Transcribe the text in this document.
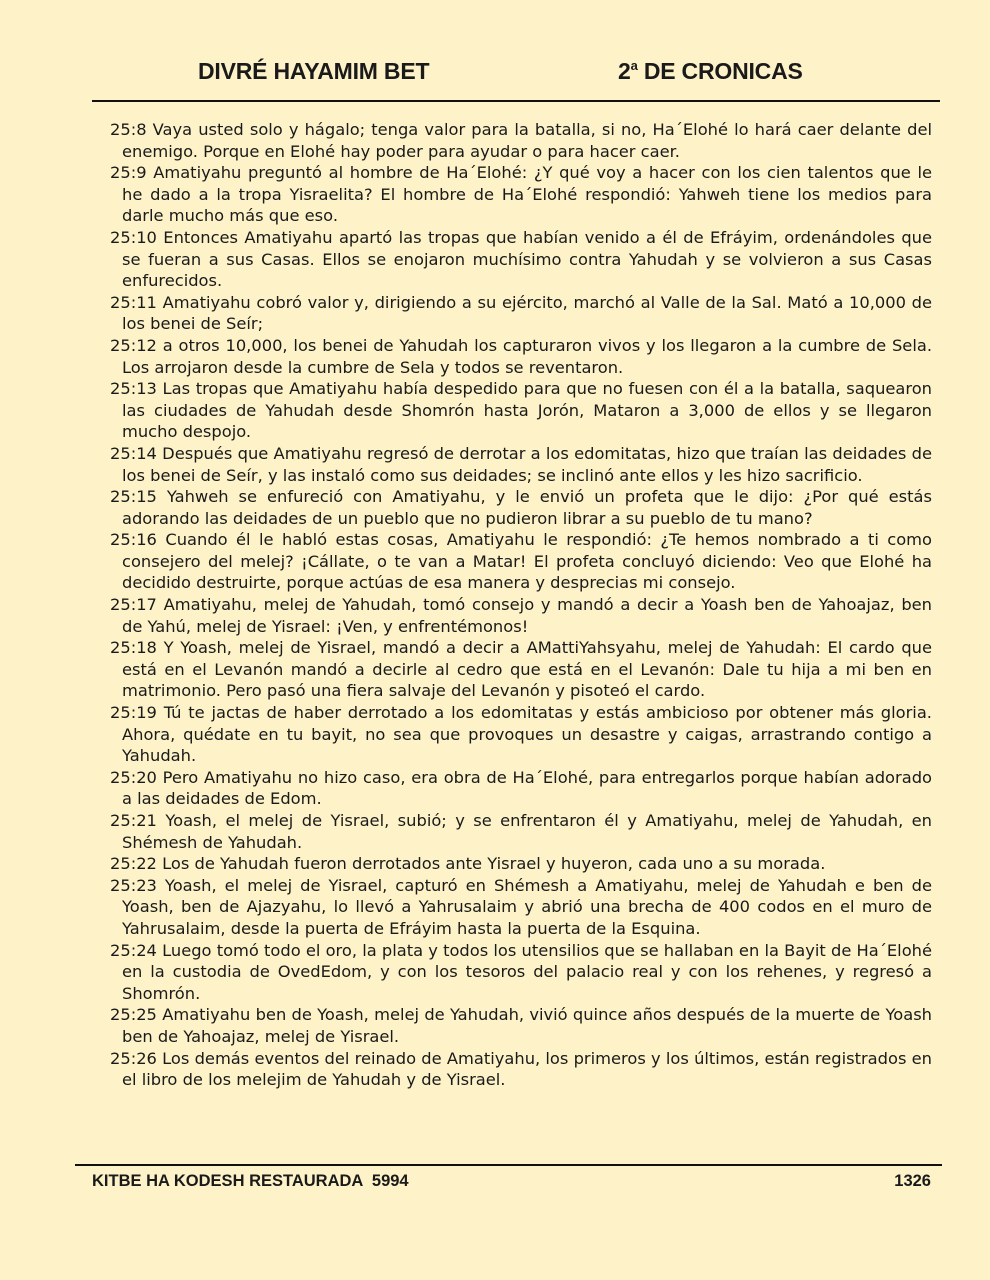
DIVRÉ HAYAMIM BET	2$^a$ DE CRONICAS

25:8 Vaya usted solo y hágalo; tenga valor para la batalla, si no, Ha´Elohé lo hará caer delante del enemigo. Porque en Elohé hay poder para ayudar o para hacer caer.

25:9 Amatiyahu preguntó al hombre de Ha´Elohé: ¿Y qué voy a hacer con los cien talentos que le he dado a la tropa Yisraelita? El hombre de Ha´Elohé respondió: Yahweh tiene los medios para darle mucho más que eso.

25:10 Entonces Amatiyahu apartó las tropas que habían venido a él de Efráyim, ordenándoles que se fueran a sus Casas. Ellos se enojaron muchísimo contra Yahudah y se volvieron a sus Casas enfurecidos.

25:11 Amatiyahu cobró valor y, dirigiendo a su ejército, marchó al Valle de la Sal. Mató a 10,000 de los benei de Seír;

25:12 a otros 10,000, los benei de Yahudah los capturaron vivos y los llegaron a la cumbre de Sela. Los arrojaron desde la cumbre de Sela y todos se reventaron.

25:13 Las tropas que Amatiyahu había despedido para que no fuesen con él a la batalla, saquearon las ciudades de Yahudah desde Shomrón hasta Jorón, Mataron a 3,000 de ellos y se llegaron mucho despojo.

25:14 Después que Amatiyahu regresó de derrotar a los edomitatas, hizo que traían las deidades de los benei de Seír, y las instaló como sus deidades; se inclinó ante ellos y les hizo sacrificio.

25:15 Yahweh se enfureció con Amatiyahu, y le envió un profeta que le dijo: ¿Por qué estás adorando las deidades de un pueblo que no pudieron librar a su pueblo de tu mano?

25:16 Cuando él le habló estas cosas, Amatiyahu le respondió: ¿Te hemos nombrado a ti como consejero del melej? ¡Cállate, o te van a Matar! El profeta concluyó diciendo: Veo que Elohé ha decidido destruirte, porque actúas de esa manera y desprecias mi consejo.

25:17 Amatiyahu, melej de Yahudah, tomó consejo y mandó a decir a Yoash ben de Yahoajaz, ben de Yahú, melej de Yisrael: ¡Ven, y enfrentémonos!

25:18 Y Yoash, melej de Yisrael, mandó a decir a AMattiYahsyahu, melej de Yahudah: El cardo que está en el Levanón mandó a decirle al cedro que está en el Levanón: Dale tu hija a mi ben en matrimonio. Pero pasó una fiera salvaje del Levanón y pisoteó el cardo.

25:19 Tú te jactas de haber derrotado a los edomitatas y estás ambicioso por obtener más gloria. Ahora, quédate en tu bayit, no sea que provoques un desastre y caigas, arrastrando contigo a Yahudah.

25:20 Pero Amatiyahu no hizo caso, era obra de Ha´Elohé, para entregarlos porque habían adorado a las deidades de Edom.

25:21 Yoash, el melej de Yisrael, subió; y se enfrentaron él y Amatiyahu, melej de Yahudah, en Shémesh de Yahudah.

25:22 Los de Yahudah fueron derrotados ante Yisrael y huyeron, cada uno a su morada.

25:23 Yoash, el melej de Yisrael, capturó en Shémesh a Amatiyahu, melej de Yahudah e ben de Yoash, ben de Ajazyahu, lo llevó a Yahrusalaim y abrió una brecha de 400 codos en el muro de Yahrusalaim, desde la puerta de Efráyim hasta la puerta de la Esquina.

25:24 Luego tomó todo el oro, la plata y todos los utensilios que se hallaban en la Bayit de Ha´Elohé en la custodia de OvedEdom, y con los tesoros del palacio real y con los rehenes, y regresó a Shomrón.

25:25 Amatiyahu ben de Yoash, melej de Yahudah, vivió quince años después de la muerte de Yoash ben de Yahoajaz, melej de Yisrael.

25:26 Los demás eventos del reinado de Amatiyahu, los primeros y los últimos, están registrados en el libro de los melejim de Yahudah y de Yisrael.

KITBE HA KODESH RESTAURADA  5994	1326
